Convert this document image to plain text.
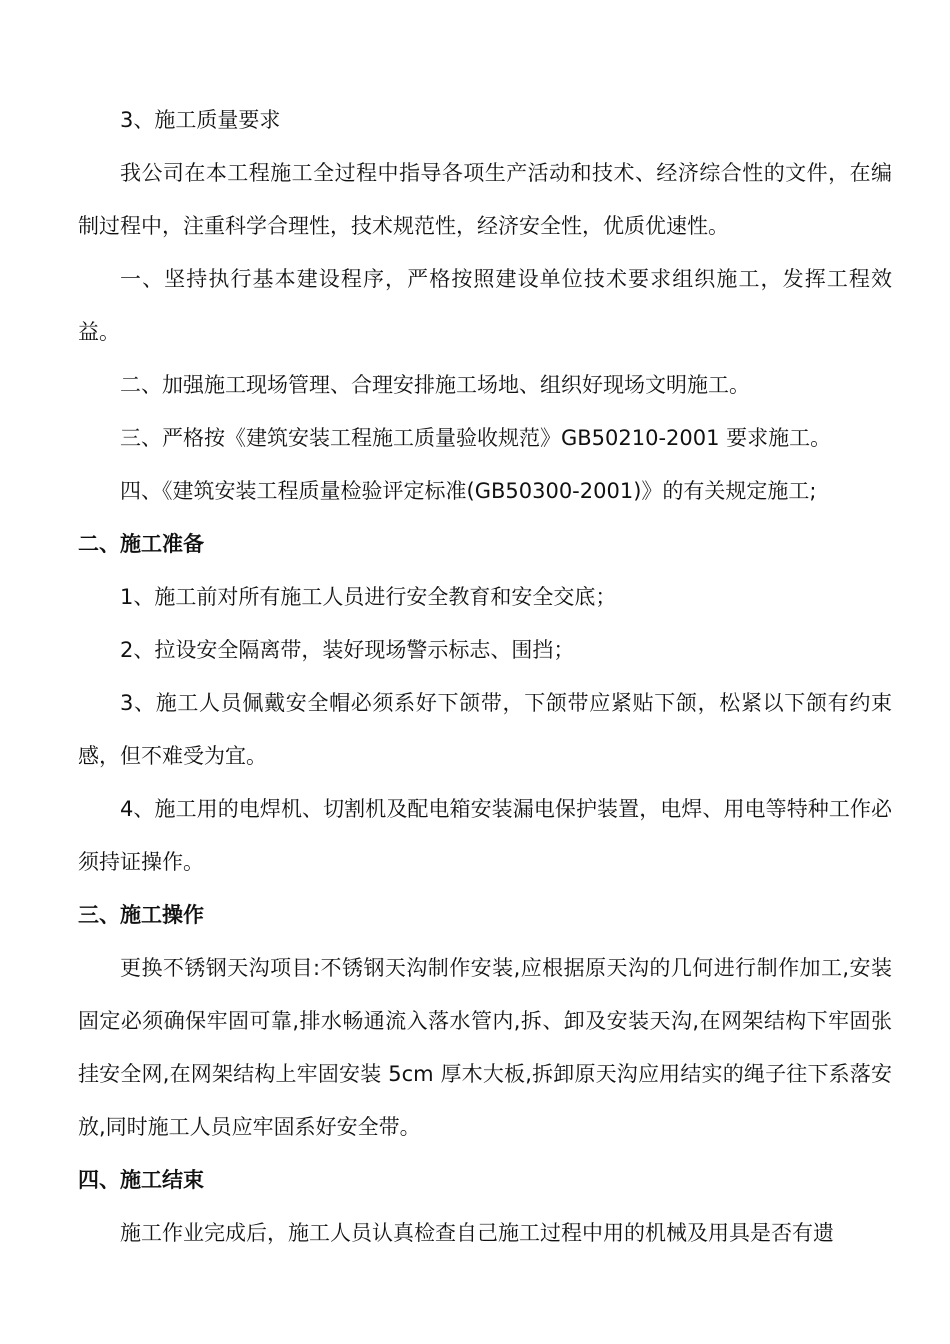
3、施工质量要求

我公司在本工程施工全过程中指导各项生产活动和技术、经济综合性的文件，在编制过程中，注重科学合理性，技术规范性，经济安全性，优质优速性。

一、坚持执行基本建设程序，严格按照建设单位技术要求组织施工，发挥工程效益。

二、加强施工现场管理、合理安排施工场地、组织好现场文明施工。

三、严格按《建筑安装工程施工质量验收规范》GB50210-2001 要求施工。

四、《建筑安装工程质量检验评定标准(GB50300-2001)》的有关规定施工;

二、施工准备

1、施工前对所有施工人员进行安全教育和安全交底；

2、拉设安全隔离带，装好现场警示标志、围挡；

3、施工人员佩戴安全帽必须系好下颌带，下颌带应紧贴下颌，松紧以下颌有约束感，但不难受为宜。

4、施工用的电焊机、切割机及配电箱安装漏电保护装置，电焊、用电等特种工作必须持证操作。

三、施工操作

更换不锈钢天沟项目:不锈钢天沟制作安装,应根据原天沟的几何进行制作加工,安装固定必须确保牢固可靠,排水畅通流入落水管内,拆、卸及安装天沟,在网架结构下牢固张挂安全网,在网架结构上牢固安装 5cm 厚木大板,拆卸原天沟应用结实的绳子往下系落安放,同时施工人员应牢固系好安全带。

四、施工结束

施工作业完成后，施工人员认真检查自己施工过程中用的机械及用具是否有遗
